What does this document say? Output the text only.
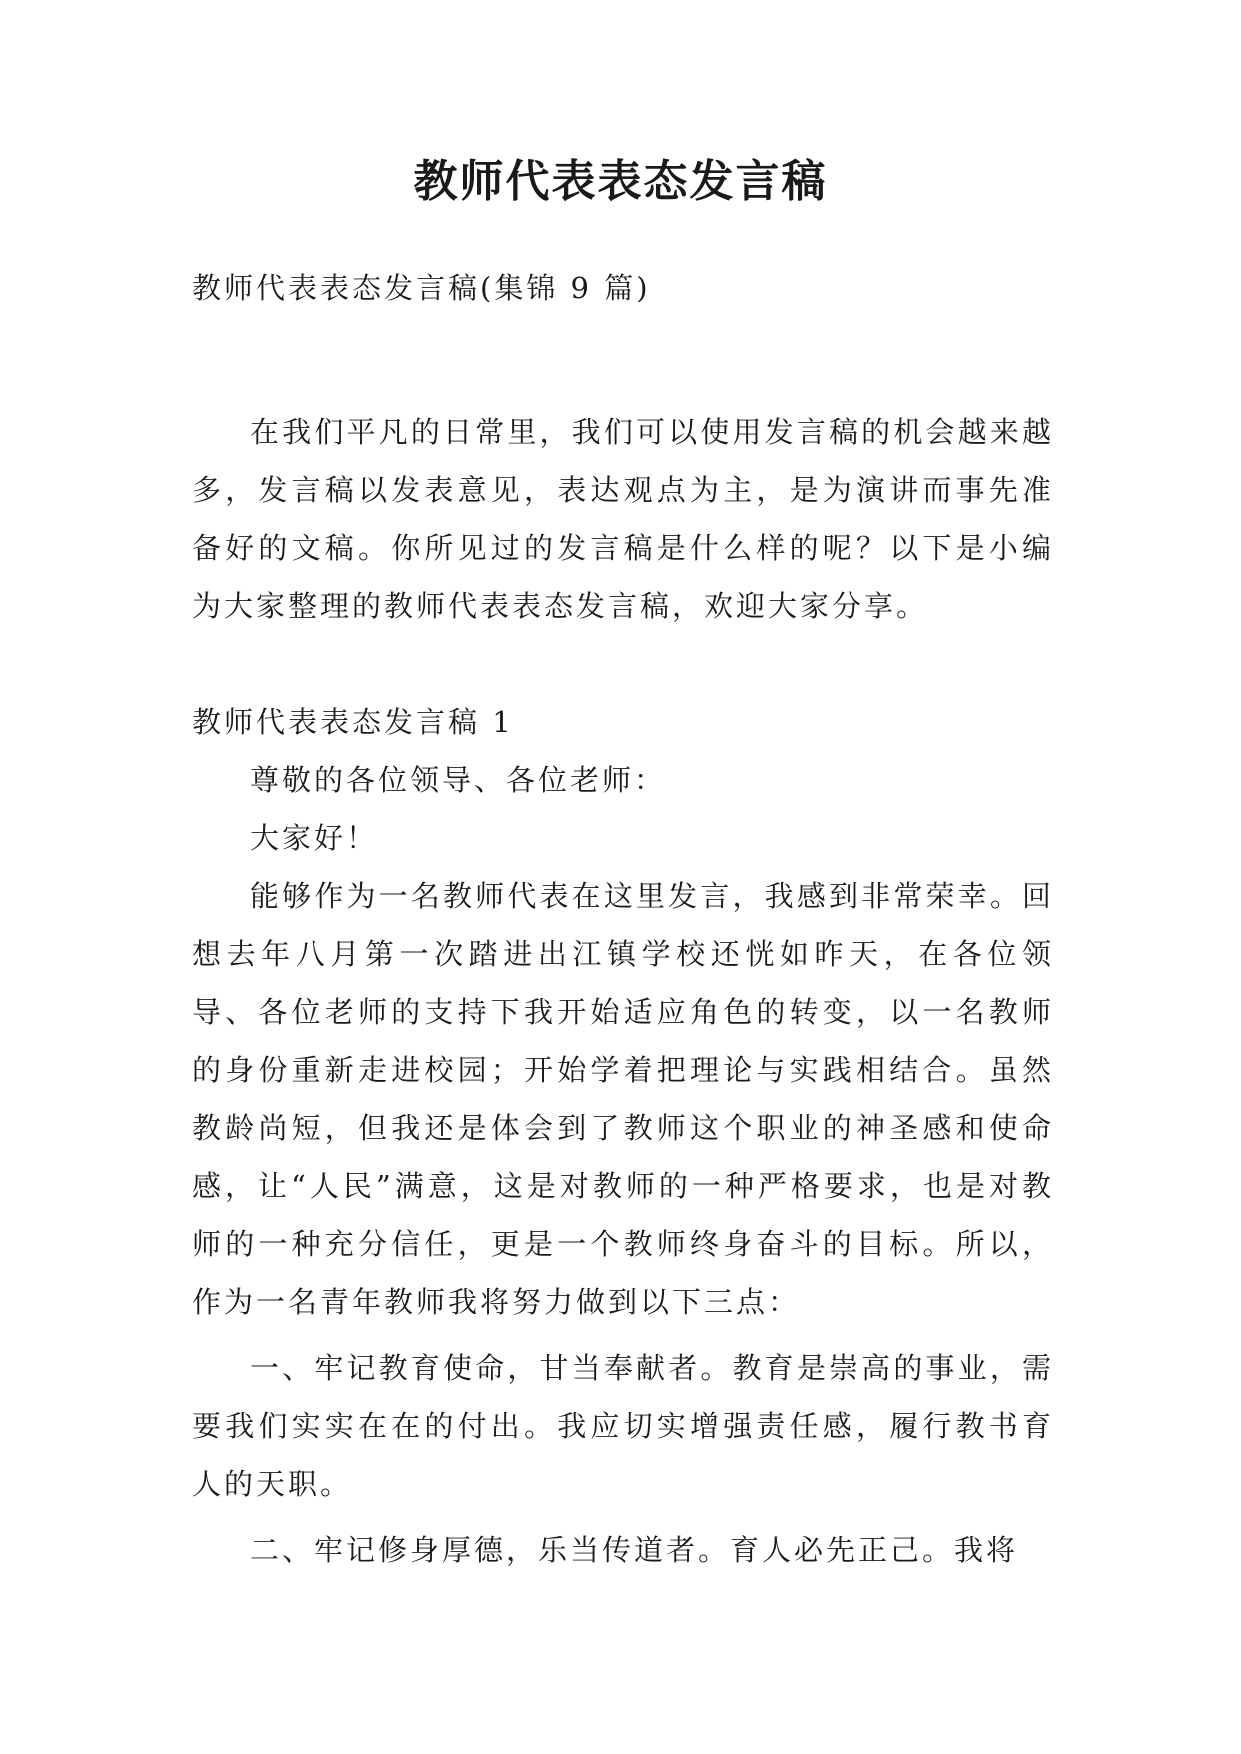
教师代表表态发言稿

教师代表表态发言稿(集锦 9 篇)

在我们平凡的日常里，我们可以使用发言稿的机会越来越多，发言稿以发表意见，表达观点为主，是为演讲而事先准备好的文稿。你所见过的发言稿是什么样的呢？以下是小编为大家整理的教师代表表态发言稿，欢迎大家分享。

教师代表表态发言稿 1

尊敬的各位领导、各位老师：

大家好！

能够作为一名教师代表在这里发言，我感到非常荣幸。回想去年八月第一次踏进出江镇学校还恍如昨天，在各位领导、各位老师的支持下我开始适应角色的转变，以一名教师的身份重新走进校园；开始学着把理论与实践相结合。虽然教龄尚短，但我还是体会到了教师这个职业的神圣感和使命感，让“人民”满意，这是对教师的一种严格要求，也是对教师的一种充分信任，更是一个教师终身奋斗的目标。所以，作为一名青年教师我将努力做到以下三点：

一、牢记教育使命，甘当奉献者。教育是崇高的事业，需要我们实实在在的付出。我应切实增强责任感，履行教书育人的天职。

二、牢记修身厚德，乐当传道者。育人必先正己。我将
